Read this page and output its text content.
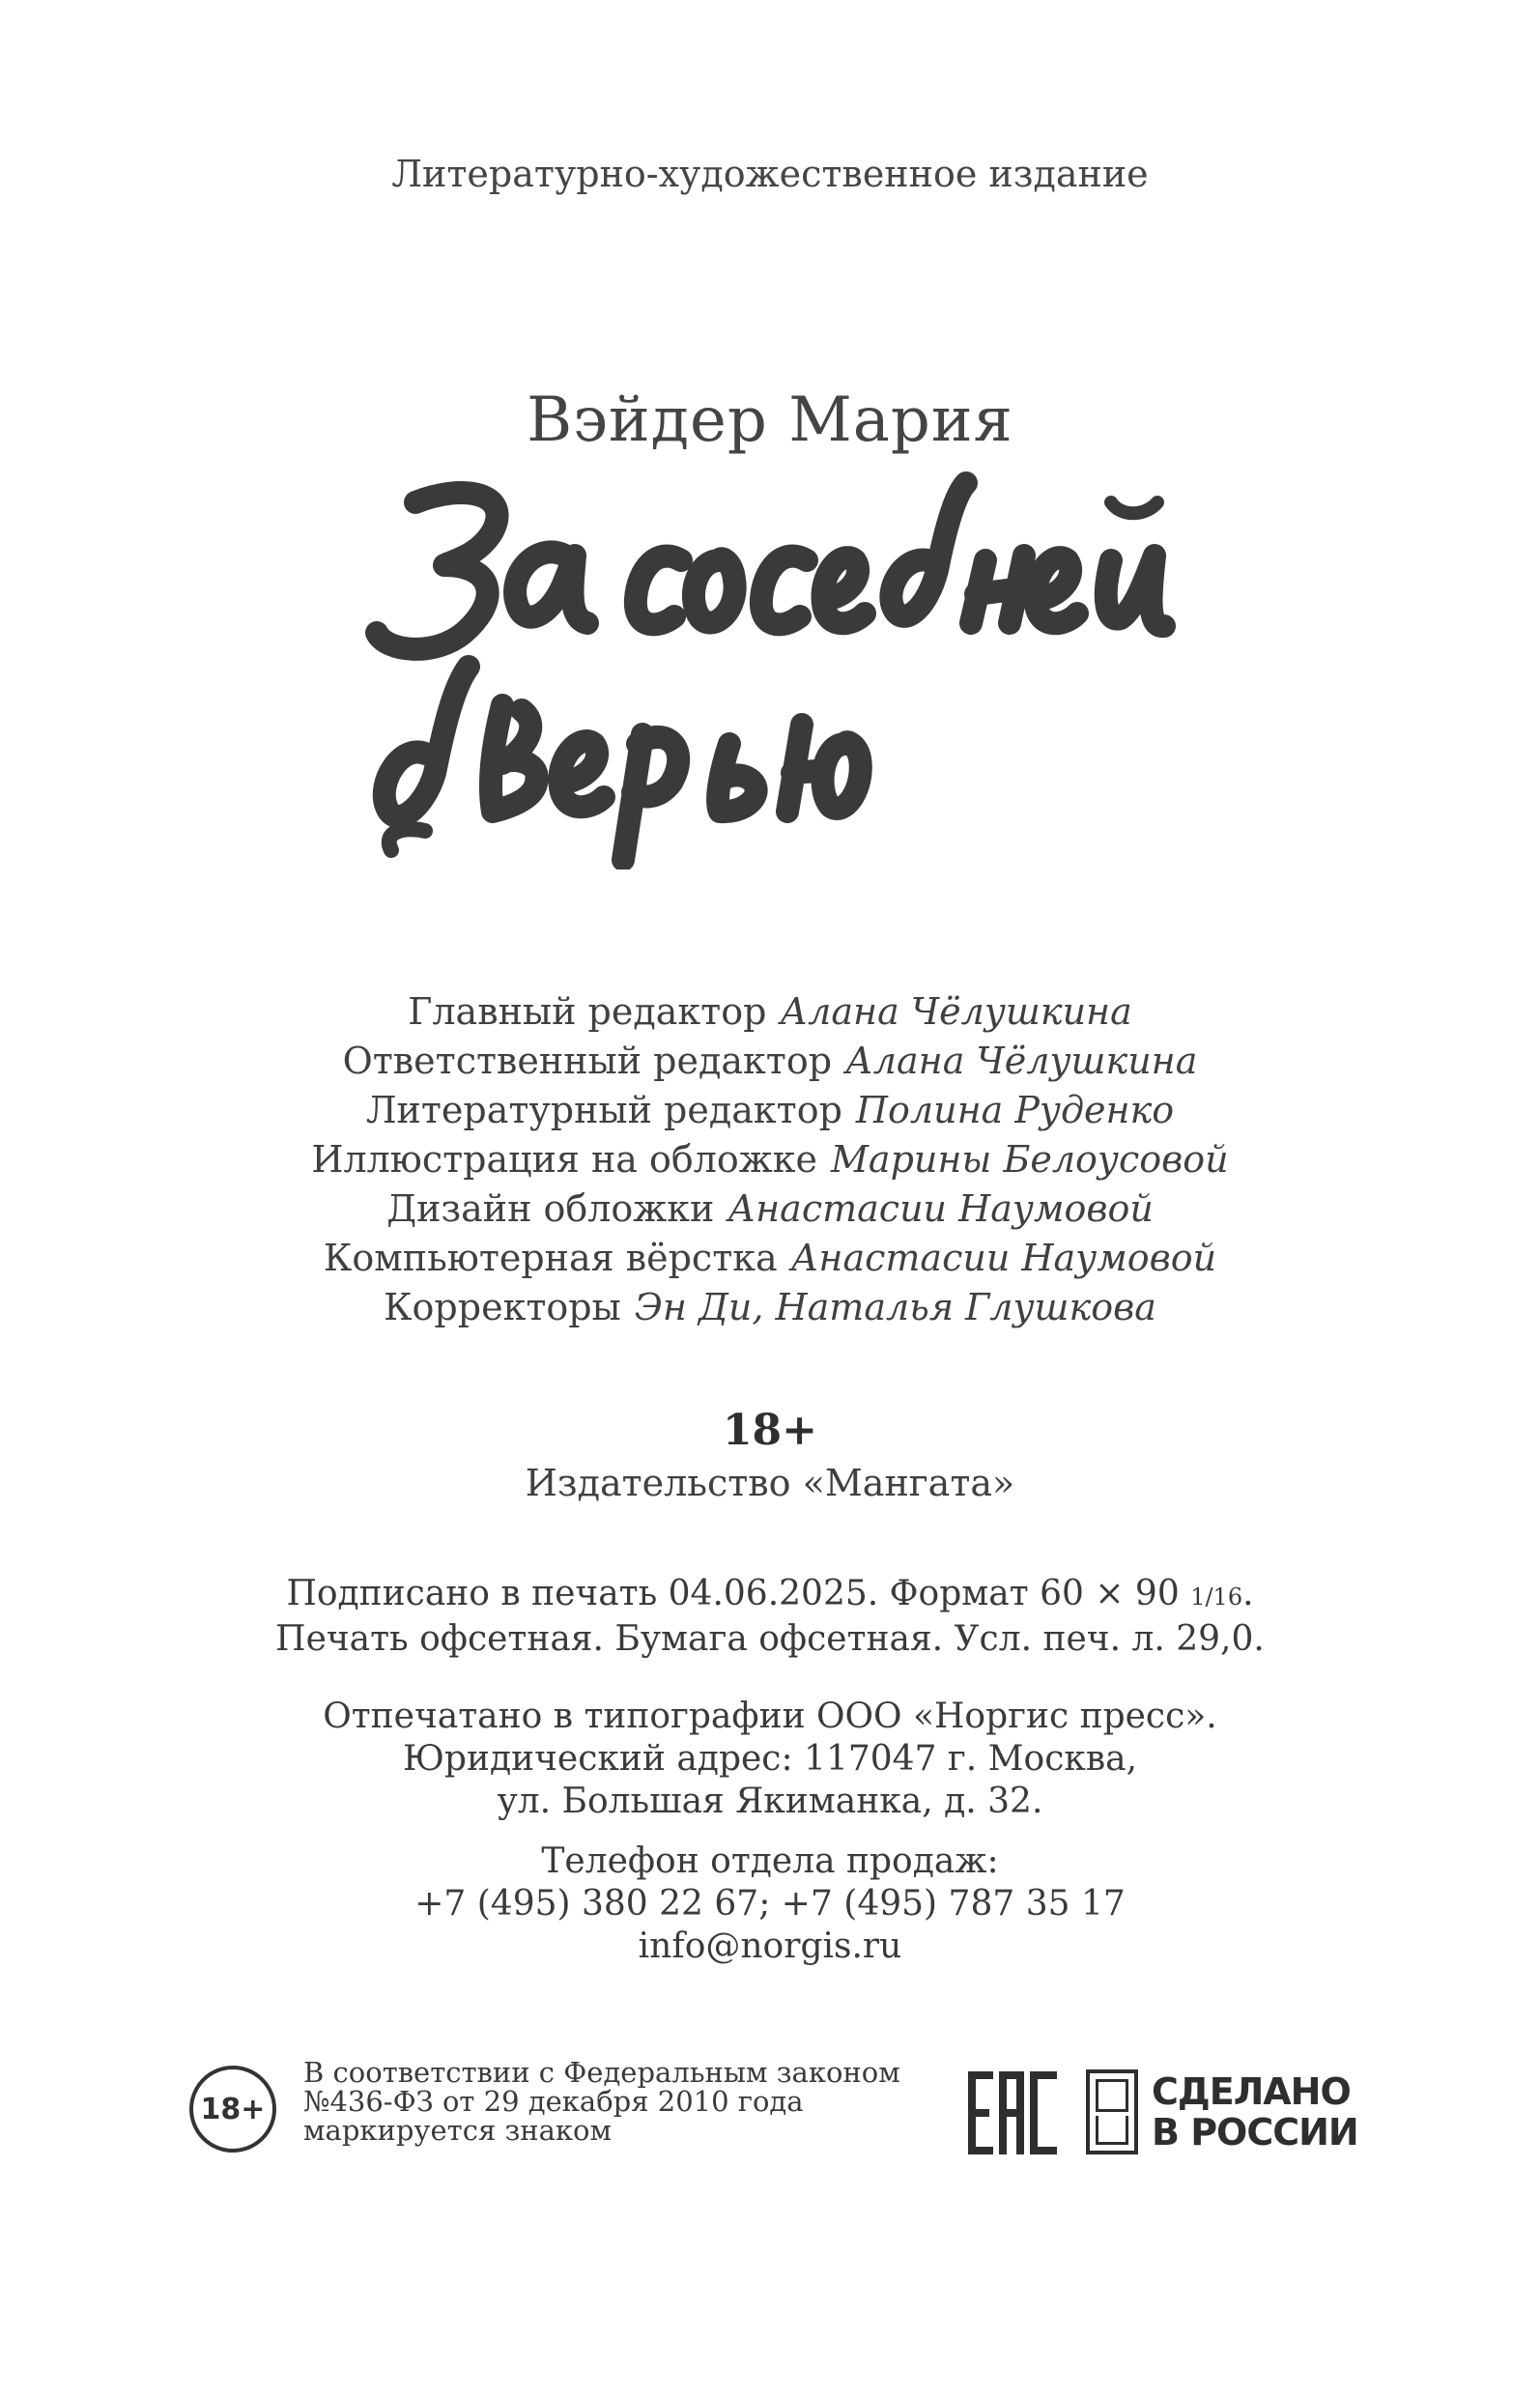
Литературно-художественное издание
Вэйдер Мария
Главный редактор Алана Чёлушкина
Ответственный редактор Алана Чёлушкина
Литературный редактор Полина Руденко
Иллюстрация на обложке Марины Белоусовой
Дизайн обложки Анастасии Наумовой
Компьютерная вёрстка Анастасии Наумовой
Корректоры Эн Ди, Наталья Глушкова
18+
Издательство «Мангата»
Подписано в печать 04.06.2025. Формат 60 × 90 1/16.
Печать офсетная. Бумага офсетная. Усл. печ. л. 29,0.
Отпечатано в типографии ООО «Норгис пресс».
Юридический адрес: 117047 г. Москва,
ул. Большая Якиманка, д. 32.
Телефон отдела продаж:
+7 (495) 380 22 67; +7 (495) 787 35 17
info@norgis.ru
18+
В соответствии с Федеральным законом
№436-ФЗ от 29 декабря 2010 года
маркируется знаком
СДЕЛАНО
В РОССИИ
